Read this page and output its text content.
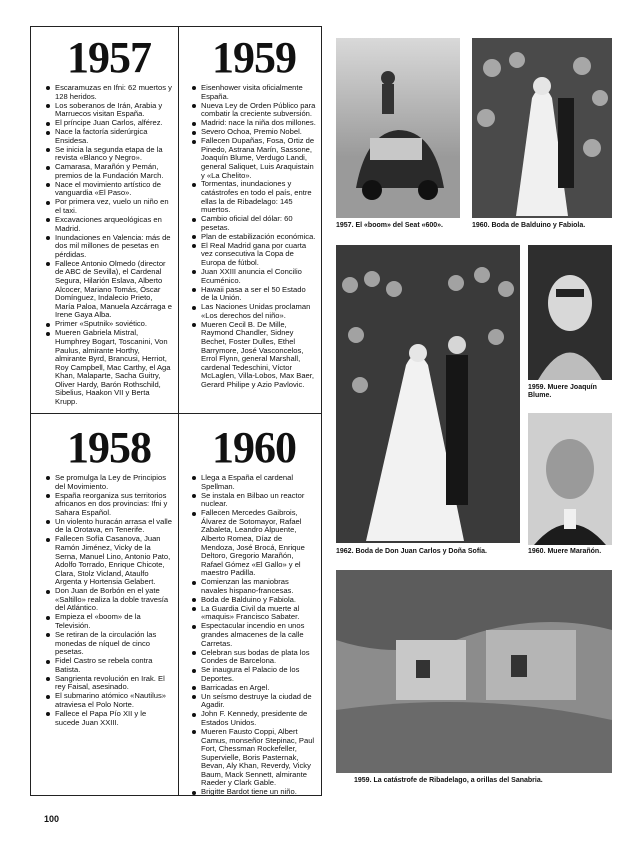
1957
Escaramuzas en Ifni: 62 muertos y 128 heridos.
Los soberanos de Irán, Arabia y Marruecos visitan España.
El príncipe Juan Carlos, alférez.
Nace la factoría siderúrgica Ensidesa.
Se inicia la segunda etapa de la revista «Blanco y Negro».
Camarasa, Marañón y Pemán, premios de la Fundación March.
Nace el movimiento artístico de vanguardia «El Paso».
Por primera vez, vuelo un niño en el taxi.
Excavaciones arqueológicas en Madrid.
Inundaciones en Valencia: más de dos mil millones de pesetas en pérdidas.
Fallece Antonio Olmedo (director de ABC de Sevilla), el Cardenal Segura, Hilarión Eslava, Alberto Alcocer, Mariano Tomás, Óscar Domínguez, Indalecio Prieto, María Paloa, Manuela Azcárraga e Irene Gaya Alba.
Primer «Sputnik» soviético.
Mueren Gabriela Mistral, Humphrey Bogart, Toscanini, Von Paulus, almirante Horthy, almirante Byrd, Brancusi, Herriot, Roy Campbell, Mac Carthy, el Aga Khan, Malaparte, Sacha Guitry, Oliver Hardy, Barón Rothschild, Sibelius, Haakon VII y Berta Krupp.
1959
Eisenhower visita oficialmente España.
Nueva Ley de Orden Público para combatir la creciente subversión.
Madrid: nace la niña dos millones.
Severo Ochoa, Premio Nobel.
Fallecen Dupañas, Fosa, Ortiz de Pinedo, Astrana Marín, Sassone, Joaquín Blume, Verdugo Landi, general Saliquet, Luis Araquistain y «La Chelito».
Tormentas, inundaciones y catástrofes en todo el país, entre ellas la de Ribadelago: 145 muertos.
Cambio oficial del dólar: 60 pesetas.
Plan de estabilización económica.
El Real Madrid gana por cuarta vez consecutiva la Copa de Europa de fútbol.
Juan XXIII anuncia el Concilio Ecuménico.
Hawaii pasa a ser el 50 Estado de la Unión.
Las Naciones Unidas proclaman «Los derechos del niño».
Mueren Cecil B. De Mille, Raymond Chandler, Sidney Bechet, Foster Dulles, Ethel Barrymore, José Vasconcelos, Errol Flynn, general Marshall, cardenal Tedeschini, Víctor McLaglen, Villa-Lobos, Max Baer, Gerard Philipe y Azio Pavlovic.
1958
Se promulga la Ley de Principios del Movimiento.
España reorganiza sus territorios africanos en dos provincias: Ifni y Sahara Español.
Un violento huracán arrasa el valle de la Orotava, en Tenerife.
Fallecen Sofía Casanova, Juan Ramón Jiménez, Vicky de la Serna, Manuel Lino, Antonio Pato, Adolfo Torrado, Enrique Chicote, Clara, Stolz Vicland, Ataulfo Argenta y Hortensia Gelabert.
Don Juan de Borbón en el yate «Saltillo» realiza la doble travesía del Atlántico.
Empieza el «boom» de la Televisión.
Se retiran de la circulación las monedas de níquel de cinco pesetas.
Fidel Castro se rebela contra Batista.
Sangrienta revolución en Irak. El rey Faisal, asesinado.
El submarino atómico «Nautilus» atraviesa el Polo Norte.
Fallece el Papa Pío XII y le sucede Juan XXIII.
1960
Llega a España el cardenal Spellman.
Se instala en Bilbao un reactor nuclear.
Fallecen Mercedes Gaibrois, Álvarez de Sotomayor, Rafael Zabaleta, Leandro Alpuente, Alberto Romea, Díaz de Mendoza, José Brocá, Enrique Deltoro, Gregorio Marañón, Rafael Gómez «El Gallo» y el maestro Padilla.
Comienzan las maniobras navales hispano-francesas.
Boda de Balduino y Fabiola.
La Guardia Civil da muerte al «maquis» Francisco Sabater.
Espectacular incendio en unos grandes almacenes de la calle Carretas.
Celebran sus bodas de plata los Condes de Barcelona.
Se inaugura el Palacio de los Deportes.
Barricadas en Argel.
Un seísmo destruye la ciudad de Agadir.
John F. Kennedy, presidente de Estados Unidos.
Mueren Fausto Coppi, Albert Camus, monseñor Stepinac, Paul Fort, Chessman Rockefeller, Supervielle, Boris Pasternak, Bevan, Aly Khan, Reverdy, Vicky Baum, Mack Sennett, almirante Raeder y Clark Gable.
Brigitte Bardot tiene un niño.
1957. El «boom» del Seat «600».	1960. Boda de Balduino y Fabiola.
1962. Boda de Don Juan Carlos y Doña Sofía.
1959. Muere Joaquín Blume.
1960. Muere Marañón.
1959. La catástrofe de Ribadelago, a orillas del Sanabria.
100
